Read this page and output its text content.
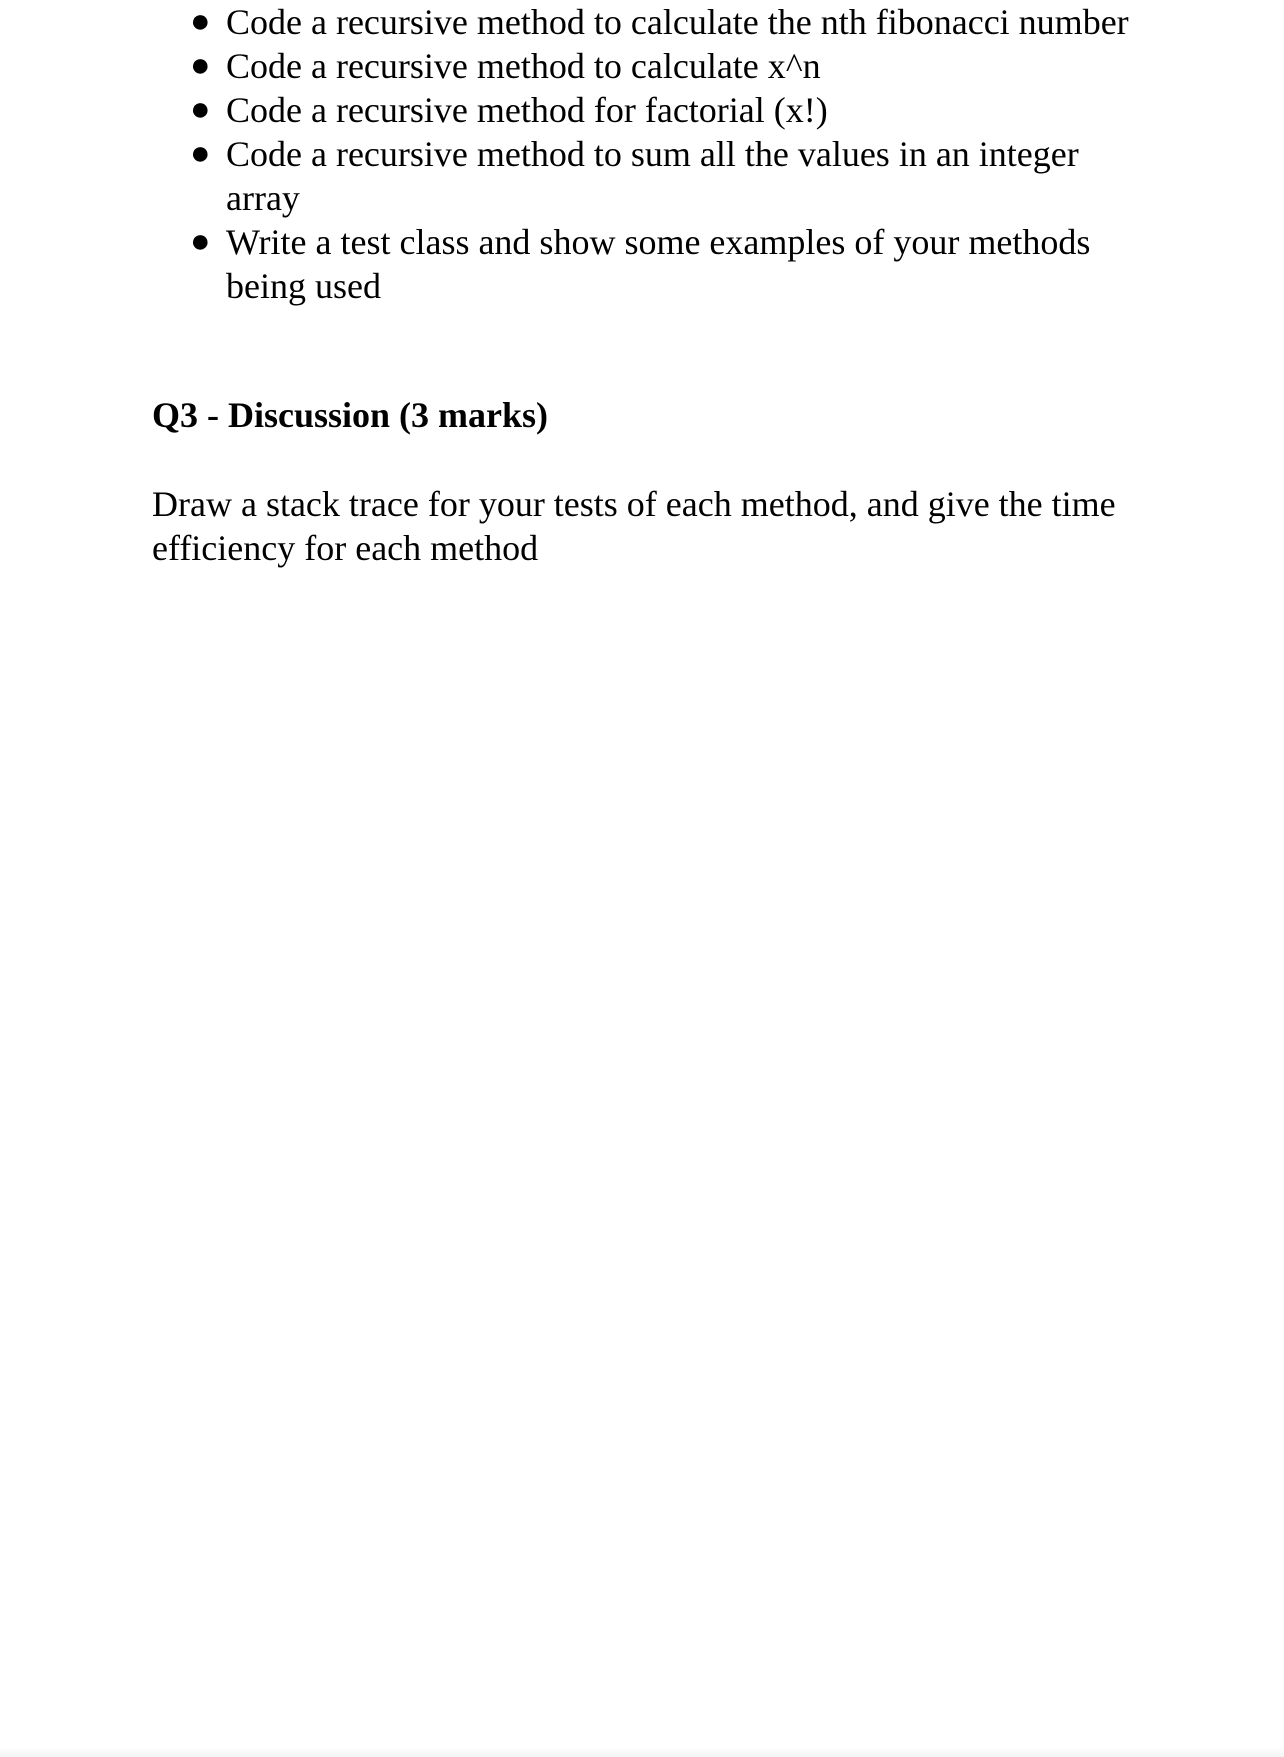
● Code a recursive method to calculate the nth fibonacci number
● Code a recursive method to calculate x^n
● Code a recursive method for factorial (x!)
● Code a recursive method to sum all the values in an integer array
● Write a test class and show some examples of your methods being used
Q3 - Discussion (3 marks)

Draw a stack trace for your tests of each method, and give the time efficiency for each method
